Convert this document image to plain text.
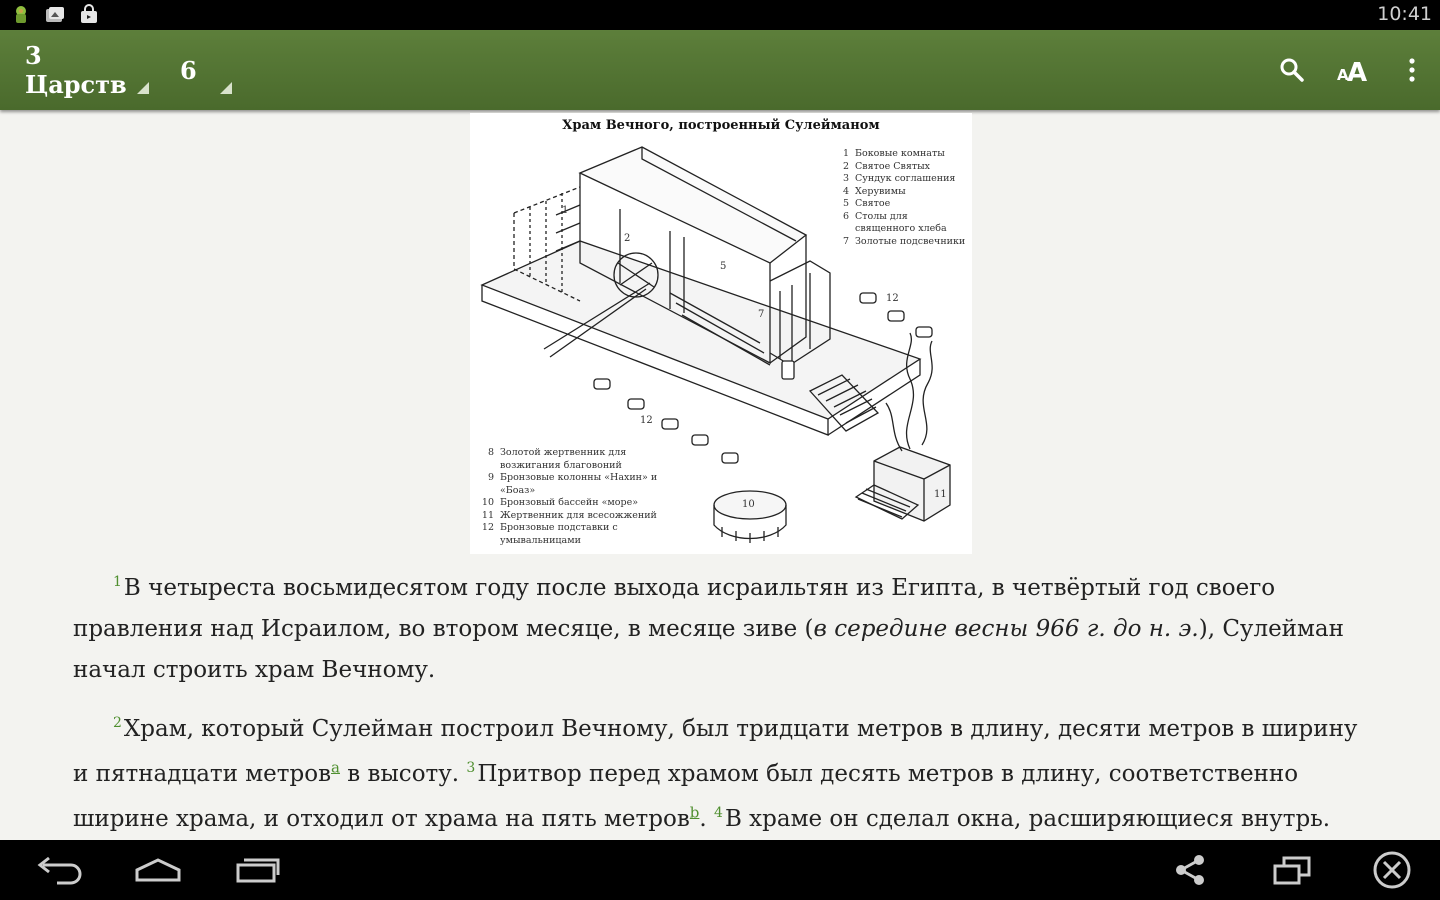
10:41
3 Царств	6	A
A
Храм Вечного, построенный Сулейманом
1
2
5
7
10
11
12
12
1 Боковые комнаты
2 Святое Святых
3 Сундук соглашения
4 Херувимы
5 Святое
6 Столы для священного хлеба
7 Золотые подсвечники
8 Золотой жертвенник для возжигания благовоний
9 Бронзовые колонны «Нахин» и «Боаз»
10 Бронзовый бассейн «море»
11 Жертвенник для всесожжений
12 Бронзовые подставки с умывальницами

$^1$В четыреста восьмидесятом году после выхода исраильтян из Египта, в четвёртый год своего правления над Исраилом, во втором месяце, в месяце зиве (в середине весны 966 г. до н. э.), Сулейман начал строить храм Вечному.

$^2$Храм, который Сулейман построил Вечному, был тридцати метров в длину, десяти метров в ширину и пятнадцати метров$^a$ в высоту. $^3$Притвор перед храмом был десять метров в длину, соответственно ширине храма, и отходил от храма на пять метров$^b$. $^4$В храме он сделал окна, расширяющиеся внутрь.
